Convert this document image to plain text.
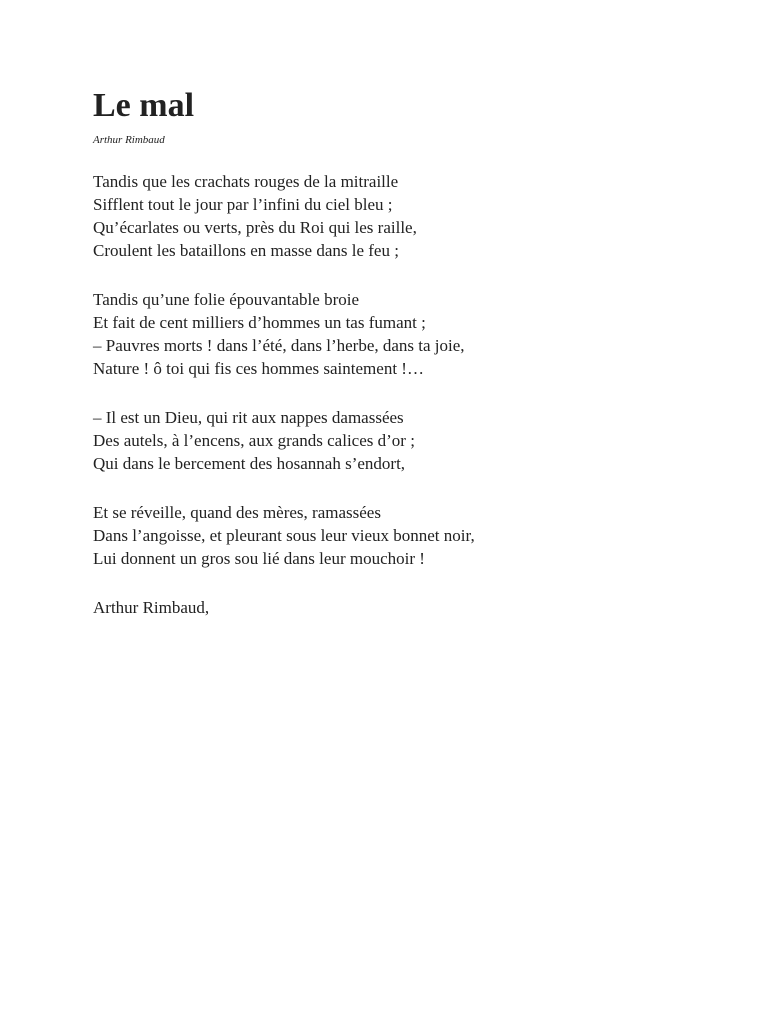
Le mal
Arthur Rimbaud
Tandis que les crachats rouges de la mitraille
Sifflent tout le jour par l’infini du ciel bleu ;
Qu’écarlates ou verts, près du Roi qui les raille,
Croulent les bataillons en masse dans le feu ;
Tandis qu’une folie épouvantable broie
Et fait de cent milliers d’hommes un tas fumant ;
– Pauvres morts ! dans l’été, dans l’herbe, dans ta joie,
Nature ! ô toi qui fis ces hommes saintement !…
– Il est un Dieu, qui rit aux nappes damassées
Des autels, à l’encens, aux grands calices d’or ;
Qui dans le bercement des hosannah s’endort,
Et se réveille, quand des mères, ramassées
Dans l’angoisse, et pleurant sous leur vieux bonnet noir,
Lui donnent un gros sou lié dans leur mouchoir !

Arthur Rimbaud,
